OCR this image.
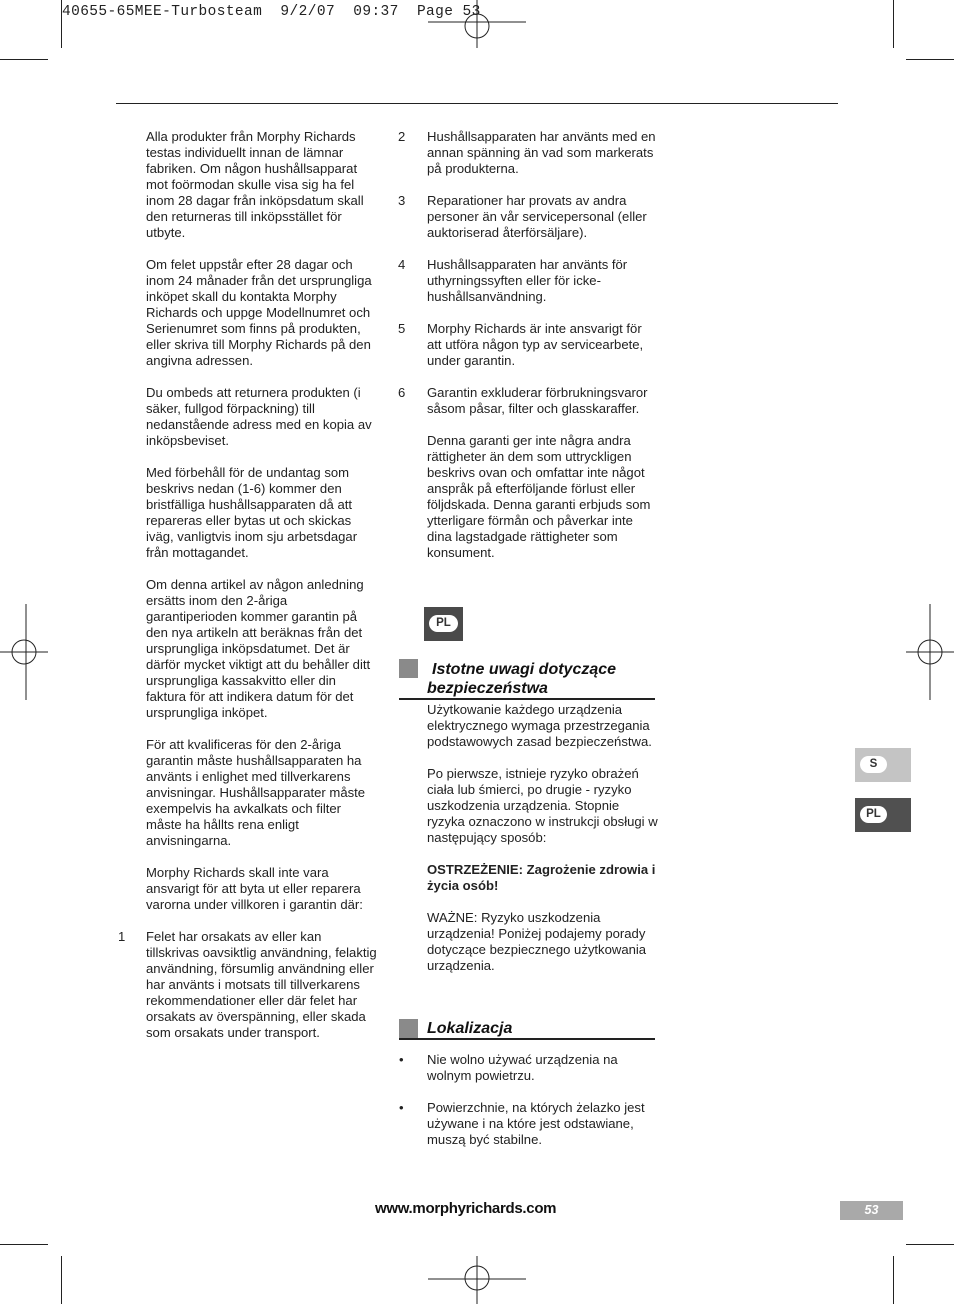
40655-65MEE-Turbosteam  9/2/07  09:37  Page 53

Alla produkter från Morphy Richards testas individuellt innan de lämnar fabriken. Om någon hushållsapparat mot foörmodan skulle visa sig ha fel inom 28 dagar från inköpsdatum skall den returneras till inköpsstället för utbyte.

Om felet uppstår efter 28 dagar och inom 24 månader från det ursprungliga inköpet skall du kontakta Morphy Richards och uppge Modellnumret och Serienumret som finns på produkten, eller skriva till Morphy Richards på den angivna adressen.

Du ombeds att returnera produkten (i säker, fullgod förpackning) till nedanstående adress med en kopia av inköpsbeviset.

Med förbehåll för de undantag som beskrivs nedan (1-6) kommer den bristfälliga hushållsapparaten då att repareras eller bytas ut och skickas iväg, vanligtvis inom sju arbetsdagar från mottagandet.

Om denna artikel av någon anledning ersätts inom den 2-åriga garantiperioden kommer garantin på den nya artikeln att beräknas från det ursprungliga inköpsdatumet. Det är därför mycket viktigt att du behåller ditt ursprungliga kassakvitto eller din faktura för att indikera datum för det ursprungliga inköpet.

För att kvalificeras för den 2-åriga garantin måste hushållsapparaten ha använts i enlighet med tillverkarens anvisningar. Hushållsapparater måste exempelvis ha avkalkats och filter måste ha hållts rena enligt anvisningarna.

Morphy Richards skall inte vara ansvarigt för att byta ut eller reparera varorna under villkoren i garantin där:

1 Felet har orsakats av eller kan tillskrivas oavsiktlig användning, felaktig användning, försumlig användning eller har använts i motsats till tillverkarens rekommendationer eller där felet har orsakats av överspänning, eller skada som orsakats under transport.

2 Hushållsapparaten har använts med en annan spänning än vad som markerats på produkterna.

3 Reparationer har provats av andra personer än vår servicepersonal (eller auktoriserad återförsäljare).

4 Hushållsapparaten har använts för uthyrningssyften eller för icke-hushållsanvändning.

5 Morphy Richards är inte ansvarigt för att utföra någon typ av servicearbete, under garantin.

6 Garantin exkluderar förbrukningsvaror såsom påsar, filter och glasskaraffer.

Denna garanti ger inte några andra rättigheter än dem som uttryckligen beskrivs ovan och omfattar inte något anspråk på efterföljande förlust eller följdskada. Denna garanti erbjuds som ytterligare förmån och påverkar inte dina lagstadgade rättigheter som konsument.

PL
Istotne uwagi dotyczące bezpieczeństwa

Użytkowanie każdego urządzenia elektrycznego wymaga przestrzegania podstawowych zasad bezpieczeństwa.

Po pierwsze, istnieje ryzyko obrażeń ciała lub śmierci, po drugie - ryzyko uszkodzenia urządzenia. Stopnie ryzyka oznaczono w instrukcji obsługi w następujący sposób:

OSTRZEŻENIE: Zagrożenie zdrowia i życia osób!

WAŻNE: Ryzyko uszkodzenia urządzenia! Poniżej podajemy porady dotyczące bezpiecznego użytkowania urządzenia.

Lokalizacja
• Nie wolno używać urządzenia na wolnym powietrzu.

• Powierzchnie, na których żelazko jest używane i na które jest odstawiane, muszą być stabilne.

S
PL
www.morphyrichards.com	53
